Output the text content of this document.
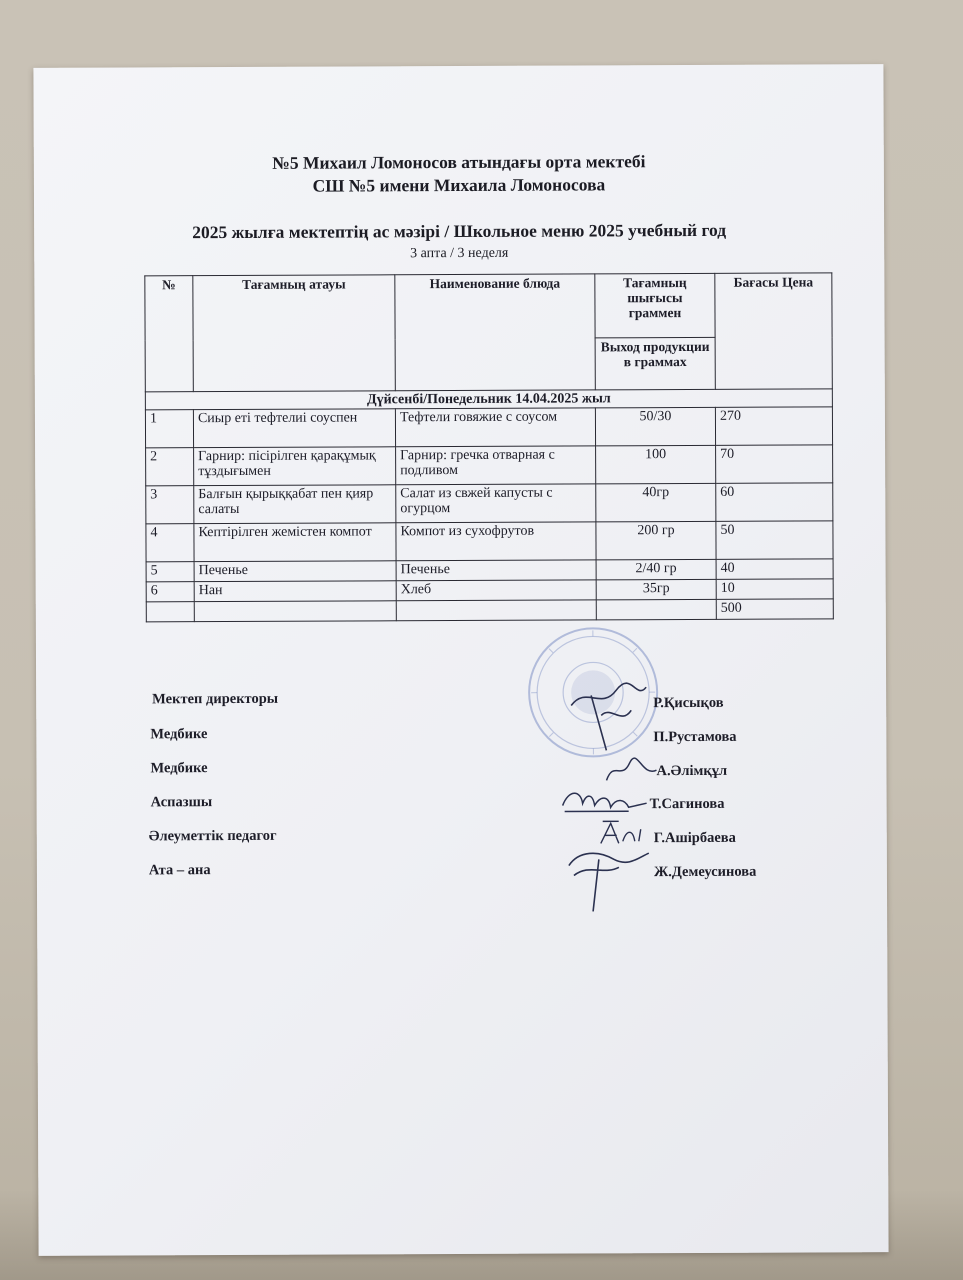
№5 Михаил Ломоносов атындағы орта мектебі
СШ №5 имени Михаила Ломоносова
2025 жылға мектептің ас мәзірі / Школьное меню 2025 учебный год
3 апта / 3 неделя
№	Тағамның атауы	Наименование блюда	Тағамның шығысы граммен	Бағасы Цена
			Выход продукции в граммах	
Дүйсенбі/Понедельник 14.04.2025 жыл				
1	Сиыр еті тефтелиі соуспен	Тефтели говяжие с соусом	50/30	270
2	Гарнир: пісірілген қарақұмық тұздығымен	Гарнир: гречка отварная с подливом	100	70
3	Балғын қырыққабат пен қияр салаты	Салат из свжей капусты с огурцом	40гр	60
4	Кептірілген жемістен компот	Компот из сухофрутов	200 гр	50
5	Печенье	Печенье	2/40 гр	40
6	Нан	Хлеб	35гр	10
				500
Мектеп директоры	Р.Қисықов
Медбике	П.Рустамова
Медбике	А.Әлімқұл
Аспазшы	Т.Сагинова
Әлеуметтік педагог	Г.Ашірбаева
Ата – ана	Ж.Демеусинова
